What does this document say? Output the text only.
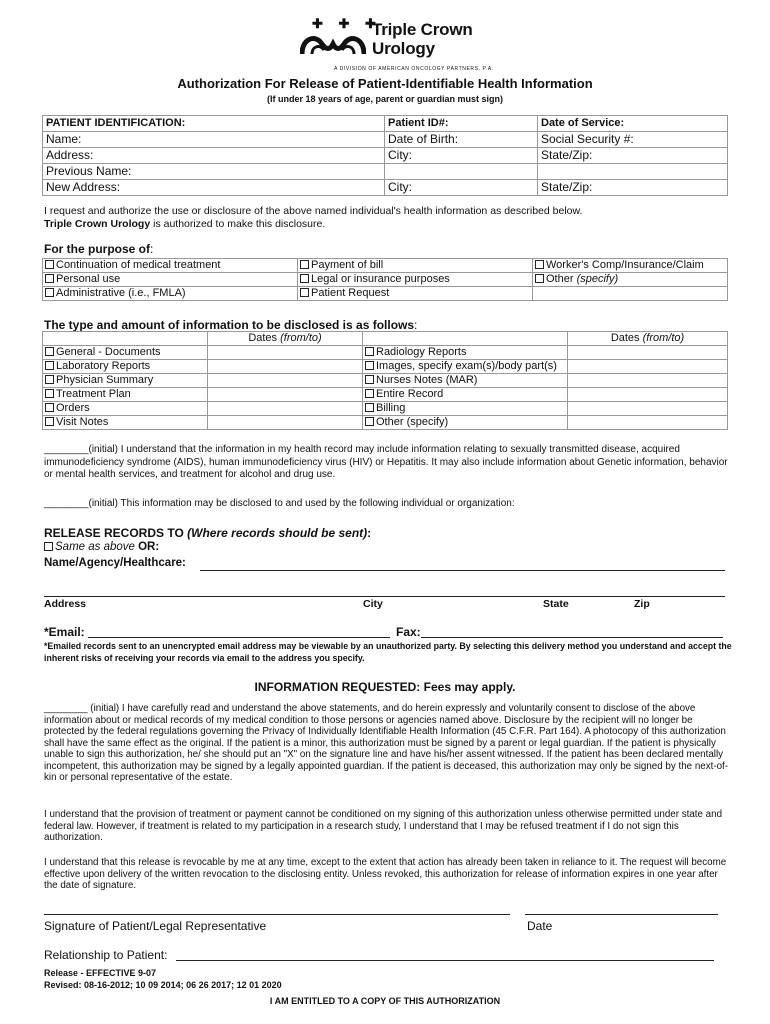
✚ ✚ ✚
Triple Crown
Urology
A DIVISION OF AMERICAN ONCOLOGY PARTNERS, P.A.
Authorization For Release of Patient-Identifiable Health Information
(If under 18 years of age, parent or guardian must sign)
PATIENT IDENTIFICATION:	Patient ID#:	Date of Service:
Name:	Date of Birth:	Social Security #:
Address:	City:	State/Zip:
Previous Name:		
New Address:	City:	State/Zip:
I request and authorize the use or disclosure of the above named individual's health information as described below.
Triple Crown Urology is authorized to make this disclosure.
For the purpose of:
Continuation of medical treatment	Payment of bill	Worker's Comp/Insurance/Claim
Personal use	Legal or insurance purposes	Other (specify)
Administrative (i.e., FMLA)	Patient Request	
The type and amount of information to be disclosed is as follows:
	Dates (from/to)		Dates (from/to)
General - Documents		Radiology Reports	
Laboratory Reports		Images, specify exam(s)/body part(s)	
Physician Summary		Nurses Notes (MAR)	
Treatment Plan		Entire Record	
Orders		Billing	
Visit Notes		Other (specify)	
________(initial) I understand that the information in my health record may include information relating to sexually transmitted disease, acquired immunodeficiency syndrome (AIDS), human immunodeficiency virus (HIV) or Hepatitis. It may also include information about Genetic information, behavior or mental health services, and treatment for alcohol and drug use.
________(initial) This information may be disclosed to and used by the following individual or organization:
RELEASE RECORDS TO (Where records should be sent):
Same as above OR:
Name/Agency/Healthcare:
Address	City	State	Zip
*Email:	Fax:
*Emailed records sent to an unencrypted email address may be viewable by an unauthorized party. By selecting this delivery method you understand and accept the inherent risks of receiving your records via email to the address you specify.
INFORMATION REQUESTED: Fees may apply.
________ (initial) I have carefully read and understand the above statements, and do herein expressly and voluntarily consent to disclose of the above information about or medical records of my medical condition to those persons or agencies named above. Disclosure by the recipient will no longer be protected by the federal regulations governing the Privacy of Individually Identifiable Health Information (45 C.F.R. Part 164). A photocopy of this authorization shall have the same effect as the original. If the patient is a minor, this authorization must be signed by a parent or legal guardian. If the patient is physically unable to sign this authorization, he/ she should put an "X" on the signature line and have his/her assent witnessed. If the patient has been declared mentally incompetent, this authorization may be signed by a legally appointed guardian. If the patient is deceased, this authorization may only be signed by the next-of-kin or personal representative of the estate.
I understand that the provision of treatment or payment cannot be conditioned on my signing of this authorization unless otherwise permitted under state and federal law. However, if treatment is related to my participation in a research study, I understand that I may be refused treatment if I do not sign this authorization.
I understand that this release is revocable by me at any time, except to the extent that action has already been taken in reliance to it. The request will become effective upon delivery of the written revocation to the disclosing entity. Unless revoked, this authorization for release of information expires in one year after the date of signature.
Signature of Patient/Legal Representative	Date
Relationship to Patient:
Release - EFFECTIVE 9-07
Revised: 08-16-2012; 10 09 2014; 06 26 2017; 12 01 2020
I AM ENTITLED TO A COPY OF THIS AUTHORIZATION
